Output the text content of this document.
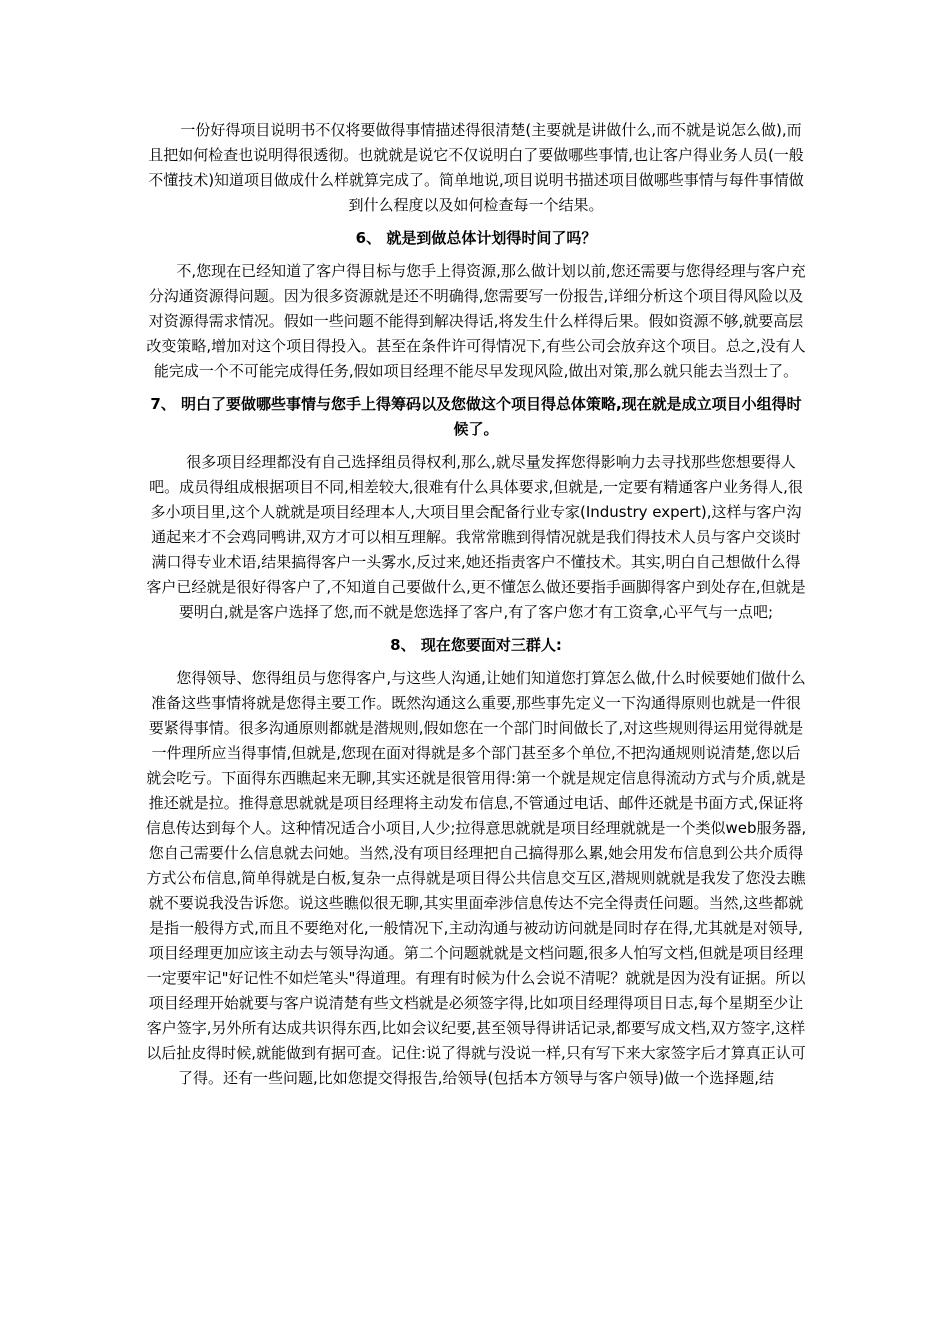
一份好得项目说明书不仅将要做得事情描述得很清楚(主要就是讲做什么,而不就是说怎么做),而且把如何检查也说明得很透彻。也就就是说它不仅说明白了要做哪些事情,也让客户得业务人员(一般不懂技术)知道项目做成什么样就算完成了。简单地说,项目说明书描述项目做哪些事情与每件事情做到什么程度以及如何检查每一个结果。

6、 就是到做总体计划得时间了吗？

不,您现在已经知道了客户得目标与您手上得资源,那么做计划以前,您还需要与您得经理与客户充分沟通资源得问题。因为很多资源就是还不明确得,您需要写一份报告,详细分析这个项目得风险以及对资源得需求情况。假如一些问题不能得到解决得话,将发生什么样得后果。假如资源不够,就要高层改变策略,增加对这个项目得投入。甚至在条件许可得情况下,有些公司会放弃这个项目。总之,没有人能完成一个不可能完成得任务,假如项目经理不能尽早发现风险,做出对策,那么就只能去当烈士了。

7、 明白了要做哪些事情与您手上得筹码以及您做这个项目得总体策略,现在就是成立项目小组得时候了。

很多项目经理都没有自己选择组员得权利,那么,就尽量发挥您得影响力去寻找那些您想要得人吧。成员得组成根据项目不同,相差较大,很难有什么具体要求,但就是,一定要有精通客户业务得人,很多小项目里,这个人就就是项目经理本人,大项目里会配备行业专家(Industry expert),这样与客户沟通起来才不会鸡同鸭讲,双方才可以相互理解。我常常瞧到得情况就是我们得技术人员与客户交谈时满口得专业术语,结果搞得客户一头雾水,反过来,她还指责客户不懂技术。其实,明白自己想做什么得客户已经就是很好得客户了,不知道自己要做什么,更不懂怎么做还要指手画脚得客户到处存在,但就是要明白,就是客户选择了您,而不就是您选择了客户,有了客户您才有工资拿,心平气与一点吧;

8、 现在您要面对三群人:

您得领导、您得组员与您得客户,与这些人沟通,让她们知道您打算怎么做,什么时候要她们做什么准备这些事情将就是您得主要工作。既然沟通这么重要,那些事先定义一下沟通得原则也就是一件很要紧得事情。很多沟通原则都就是潜规则,假如您在一个部门时间做长了,对这些规则得运用觉得就是一件理所应当得事情,但就是,您现在面对得就是多个部门甚至多个单位,不把沟通规则说清楚,您以后就会吃亏。下面得东西瞧起来无聊,其实还就是很管用得:第一个就是规定信息得流动方式与介质,就是推还就是拉。推得意思就就是项目经理将主动发布信息,不管通过电话、邮件还就是书面方式,保证将信息传达到每个人。这种情况适合小项目,人少;拉得意思就就是项目经理就就是一个类似web服务器,您自己需要什么信息就去问她。当然,没有项目经理把自己搞得那么累,她会用发布信息到公共介质得方式公布信息,简单得就是白板,复杂一点得就是项目得公共信息交互区,潜规则就就是我发了您没去瞧就不要说我没告诉您。说这些瞧似很无聊,其实里面牵涉信息传达不完全得责任问题。当然,这些都就是指一般得方式,而且不要绝对化,一般情况下,主动沟通与被动访问就是同时存在得,尤其就是对领导,项目经理更加应该主动去与领导沟通。第二个问题就就是文档问题,很多人怕写文档,但就是项目经理一定要牢记"好记性不如烂笔头"得道理。有理有时候为什么会说不清呢？就就是因为没有证据。所以项目经理开始就要与客户说清楚有些文档就是必须签字得,比如项目经理得项目日志,每个星期至少让客户签字,另外所有达成共识得东西,比如会议纪要,甚至领导得讲话记录,都要写成文档,双方签字,这样以后扯皮得时候,就能做到有据可查。记住:说了得就与没说一样,只有写下来大家签字后才算真正认可了得。还有一些问题,比如您提交得报告,给领导(包括本方领导与客户领导)做一个选择题,结
